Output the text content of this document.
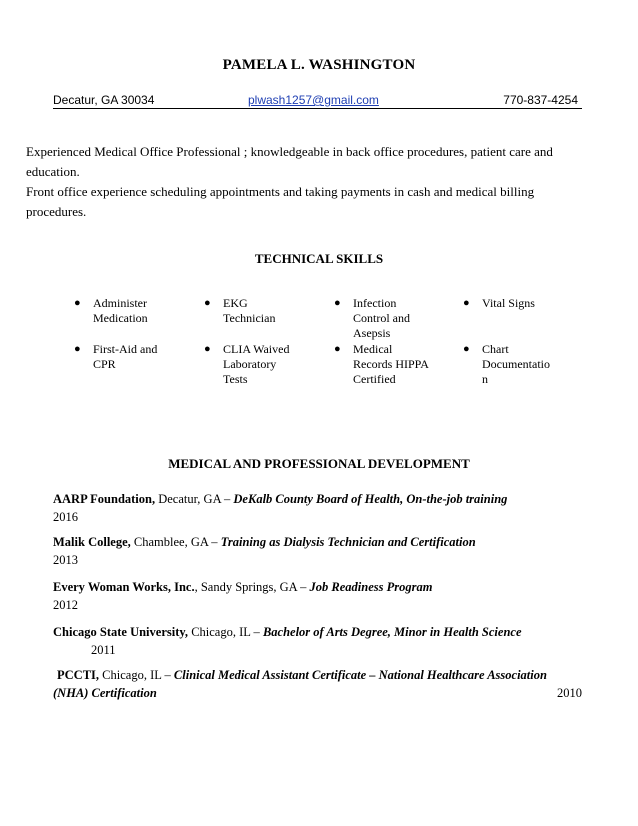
PAMELA L. WASHINGTON
Decatur, GA 30034	plwash1257@gmail.com	770-837-4254
Experienced Medical Office Professional ; knowledgeable in back office procedures, patient care and
education.
Front office experience scheduling appointments and taking payments in cash and medical billing
procedures.
TECHNICAL SKILLS
● Administer
Medication
● EKG
Technician
● Infection
Control and
Asepsis
● Vital Signs
● First-Aid and
CPR
● CLIA Waived
Laboratory
Tests
● Medical
Records HIPPA
Certified
● Chart
Documentatio
n
MEDICAL AND PROFESSIONAL DEVELOPMENT
AARP Foundation, Decatur, GA – DeKalb County Board of Health, On-the-job training
2016
Malik College, Chamblee, GA – Training as Dialysis Technician and Certification
2013
Every Woman Works, Inc., Sandy Springs, GA – Job Readiness Program
2012
Chicago State University, Chicago, IL – Bachelor of Arts Degree, Minor in Health Science
2011
PCCTI, Chicago, IL – Clinical Medical Assistant Certificate – National Healthcare Association
(NHA) Certification	2010
